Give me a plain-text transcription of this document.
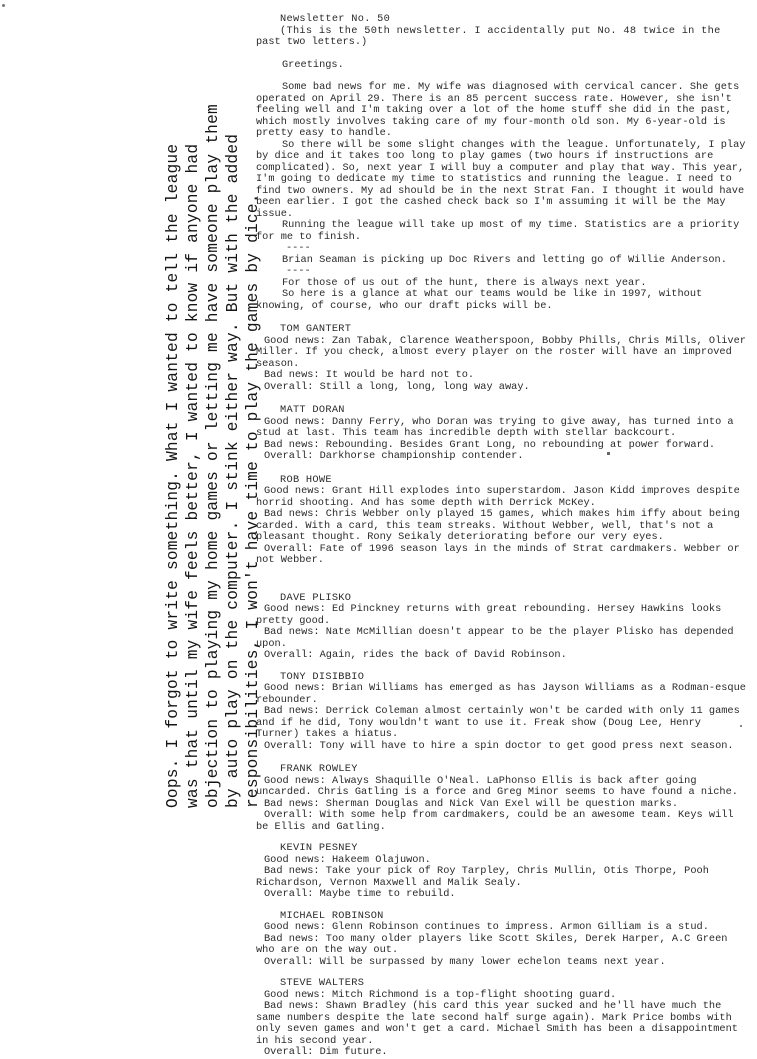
Oops. I forgot to write something. What I wanted to tell the league was that until my wife feels better, I wanted to know if anyone had objection to playing my home games or letting me have someone play them by auto play on the computer. I stink either way. But with the added responsibilities, I won't have time to play the games by dice.

Newsletter No. 50

(This is the 50th newsletter. I accidentally put No. 48 twice in the

past two letters.)

Greetings.

Some bad news for me. My wife was diagnosed with cervical cancer. She gets operated on April 29. There is an 85 percent success rate. However, she isn't feeling well and I'm taking over a lot of the home stuff she did in the past, which mostly involves taking care of my four-month old son. My 6-year-old is pretty easy to handle.

So there will be some slight changes with the league. Unfortunately, I play by dice and it takes too long to play games (two hours if instructions are complicated). So, next year I will buy a computer and play that way. This year, I'm going to dedicate my time to statistics and running the league. I need to find two owners. My ad should be in the next Strat Fan. I thought it would have been earlier. I got the cashed check back so I'm assuming it will be the May issue.

Running the league will take up most of my time. Statistics are a priority for me to finish.

----

Brian Seaman is picking up Doc Rivers and letting go of Willie Anderson.

----

For those of us out of the hunt, there is always next year.

So here is a glance at what our teams would be like in 1997, without knowing, of course, who our draft picks will be.

TOM GANTERT

Good news: Zan Tabak, Clarence Weatherspoon, Bobby Phills, Chris Mills, Oliver Miller. If you check, almost every player on the roster will have an improved season.

Bad news: It would be hard not to.

Overall: Still a long, long, long way away.

MATT DORAN

Good news: Danny Ferry, who Doran was trying to give away, has turned into a stud at last. This team has incredible depth with stellar backcourt.

Bad news: Rebounding. Besides Grant Long, no rebounding at power forward.

Overall: Darkhorse championship contender.

ROB HOWE

Good news: Grant Hill explodes into superstardom. Jason Kidd improves despite horrid shooting. And has some depth with Derrick McKey.

Bad news: Chris Webber only played 15 games, which makes him iffy about being carded. With a card, this team streaks. Without Webber, well, that's not a pleasant thought. Rony Seikaly deteriorating before our very eyes.

Overall: Fate of 1996 season lays in the minds of Strat cardmakers. Webber or not Webber.

DAVE PLISKO

Good news: Ed Pinckney returns with great rebounding. Hersey Hawkins looks pretty good.

Bad news: Nate McMillian doesn't appear to be the player Plisko has depended upon.

Overall: Again, rides the back of David Robinson.

TONY DISIBBIO

Good news: Brian Williams has emerged as has Jayson Williams as a Rodman-esque rebounder.

Bad news: Derrick Coleman almost certainly won't be carded with only 11 games and if he did, Tony wouldn't want to use it. Freak show (Doug Lee, Henry Turner) takes a hiatus.

Overall: Tony will have to hire a spin doctor to get good press next season.

FRANK ROWLEY

Good news: Always Shaquille O'Neal. LaPhonso Ellis is back after going uncarded. Chris Gatling is a force and Greg Minor seems to have found a niche.

Bad news: Sherman Douglas and Nick Van Exel will be question marks.

Overall: With some help from cardmakers, could be an awesome team. Keys will be Ellis and Gatling.

KEVIN PESNEY

Good news: Hakeem Olajuwon.

Bad news: Take your pick of Roy Tarpley, Chris Mullin, Otis Thorpe, Pooh Richardson, Vernon Maxwell and Malik Sealy.

Overall: Maybe time to rebuild.

MICHAEL ROBINSON

Good news: Glenn Robinson continues to impress. Armon Gilliam is a stud.

Bad news: Too many older players like Scott Skiles, Derek Harper, A.C Green who are on the way out.

Overall: Will be surpassed by many lower echelon teams next year.

STEVE WALTERS

Good news: Mitch Richmond is a top-flight shooting guard.

Bad news: Shawn Bradley (his card this year sucked and he'll have much the same numbers despite the late second half surge again). Mark Price bombs with only seven games and won't get a card. Michael Smith has been a disappointment in his second year.

Overall: Dim future.
